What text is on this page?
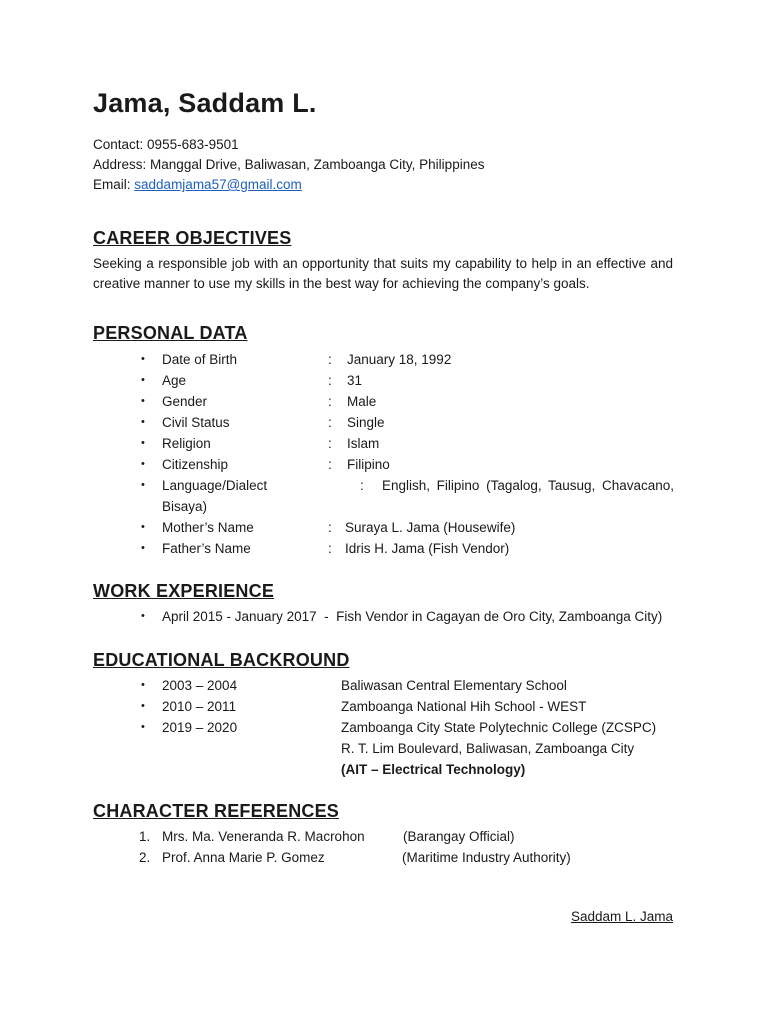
Jama, Saddam L.
Contact: 0955-683-9501
Address: Manggal Drive, Baliwasan, Zamboanga City, Philippines
Email: saddamjama57@gmail.com
CAREER OBJECTIVES
Seeking a responsible job with an opportunity that suits my capability to help in an effective and creative manner to use my skills in the best way for achieving the company’s goals.
PERSONAL DATA
• Date of Birth	: January 18, 1992
• Age	: 31
• Gender	: Male
• Civil Status	: Single
• Religion	: Islam
• Citizenship	: Filipino
• Language/Dialect	: English, Filipino (Tagalog, Tausug, Chavacano,
Bisaya)
• Mother’s Name	: Suraya L. Jama (Housewife)
• Father’s Name	: Idris H. Jama (Fish Vendor)
WORK EXPERIENCE
• April 2015 - January 2017  -  Fish Vendor in Cagayan de Oro City, Zamboanga City)
EDUCATIONAL BACKROUND
• 2003 – 2004	Baliwasan Central Elementary School
• 2010 – 2011	Zamboanga National Hih School - WEST
• 2019 – 2020	Zamboanga City State Polytechnic College (ZCSPC)
R. T. Lim Boulevard, Baliwasan, Zamboanga City
(AIT – Electrical Technology)
CHARACTER REFERENCES
1. Mrs. Ma. Veneranda R. Macrohon	(Barangay Official)
2. Prof. Anna Marie P. Gomez	(Maritime Industry Authority)
Saddam L. Jama
